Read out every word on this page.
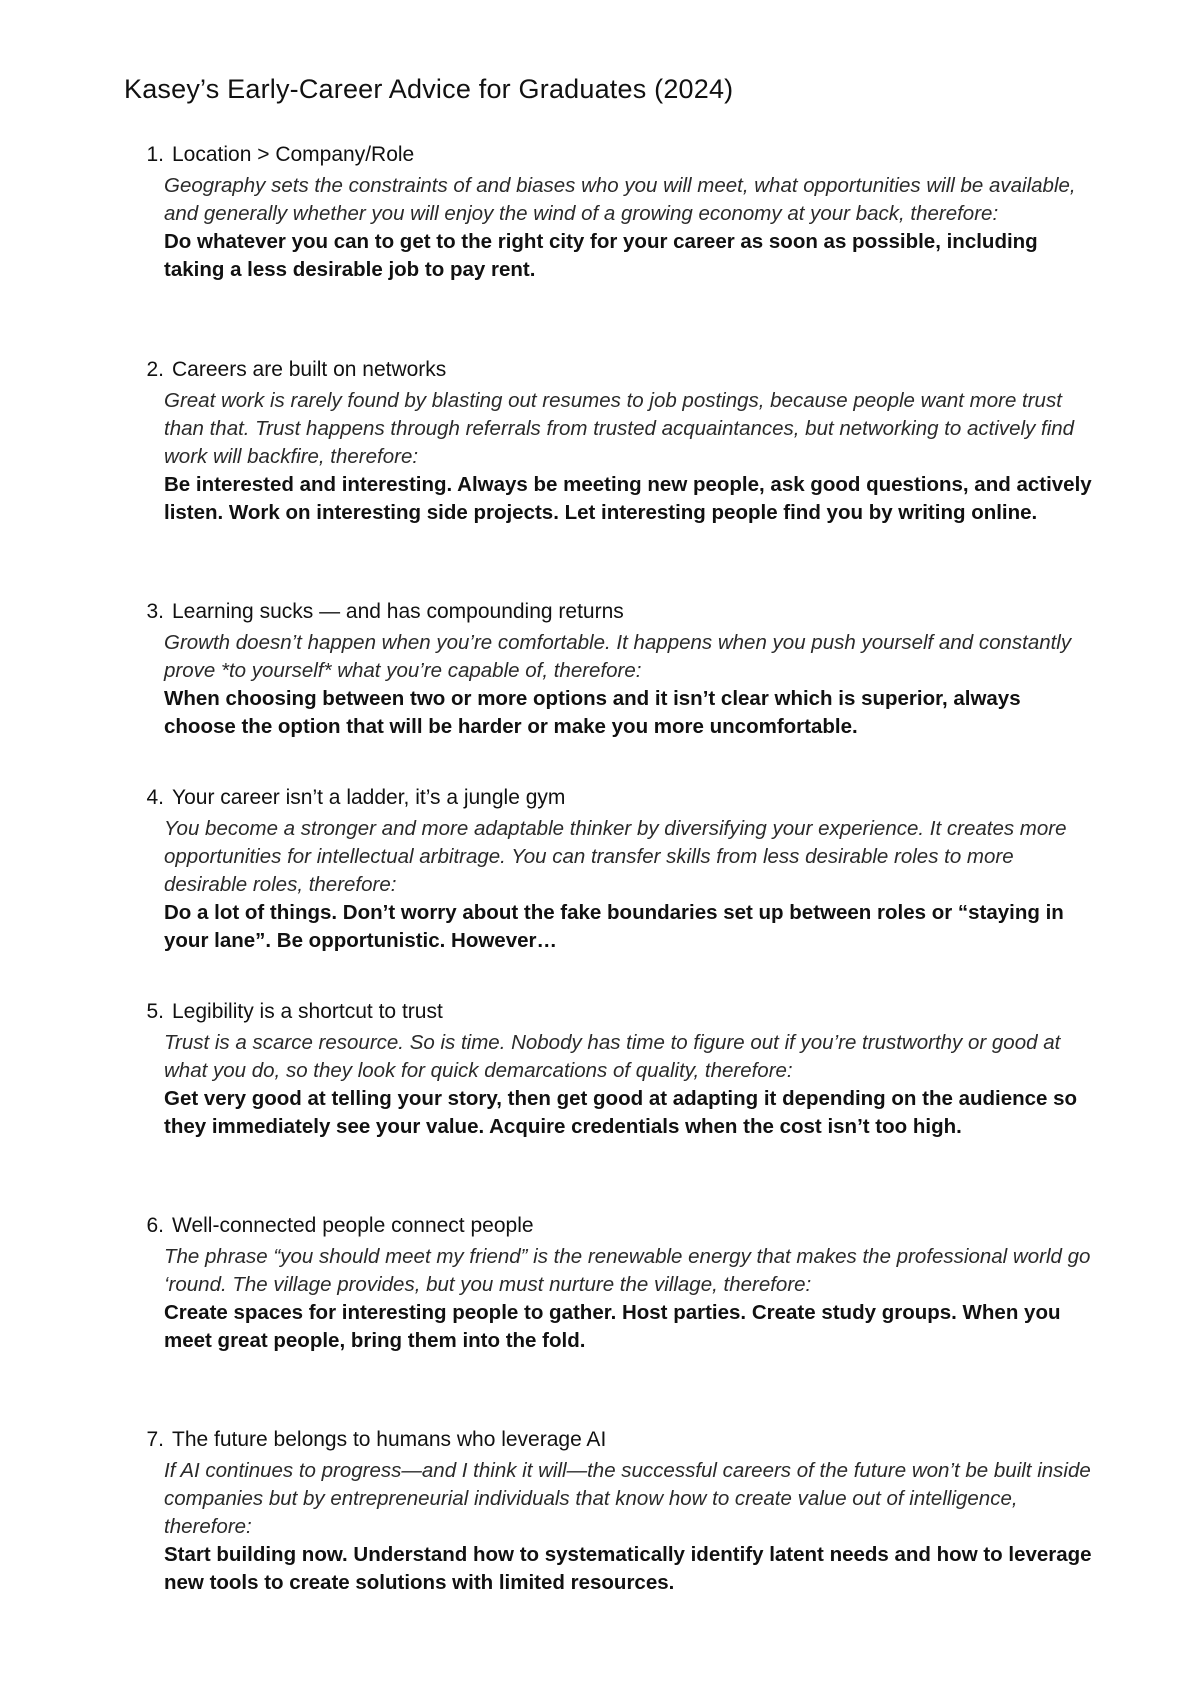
Kasey’s Early-Career Advice for Graduates (2024)
1. Location > Company/Role

Geography sets the constraints of and biases who you will meet, what opportunities will be available, and generally whether you will enjoy the wind of a growing economy at your back, therefore:

Do whatever you can to get to the right city for your career as soon as possible, including taking a less desirable job to pay rent.

2. Careers are built on networks

Great work is rarely found by blasting out resumes to job postings, because people want more trust than that. Trust happens through referrals from trusted acquaintances, but networking to actively find work will backfire, therefore:

Be interested and interesting. Always be meeting new people, ask good questions, and actively listen. Work on interesting side projects. Let interesting people find you by writing online.

3. Learning sucks — and has compounding returns

Growth doesn’t happen when you’re comfortable. It happens when you push yourself and constantly prove *to yourself* what you’re capable of, therefore:

When choosing between two or more options and it isn’t clear which is superior, always choose the option that will be harder or make you more uncomfortable.

4. Your career isn’t a ladder, it’s a jungle gym

You become a stronger and more adaptable thinker by diversifying your experience. It creates more opportunities for intellectual arbitrage. You can transfer skills from less desirable roles to more desirable roles, therefore:

Do a lot of things. Don’t worry about the fake boundaries set up between roles or “staying in your lane”. Be opportunistic. However…

5. Legibility is a shortcut to trust

Trust is a scarce resource. So is time. Nobody has time to figure out if you’re trustworthy or good at what you do, so they look for quick demarcations of quality, therefore:

Get very good at telling your story, then get good at adapting it depending on the audience so they immediately see your value. Acquire credentials when the cost isn’t too high.

6. Well-connected people connect people

The phrase “you should meet my friend” is the renewable energy that makes the professional world go ‘round. The village provides, but you must nurture the village, therefore:

Create spaces for interesting people to gather. Host parties. Create study groups. When you meet great people, bring them into the fold.

7. The future belongs to humans who leverage AI

If AI continues to progress—and I think it will—the successful careers of the future won’t be built inside companies but by entrepreneurial individuals that know how to create value out of intelligence, therefore:

Start building now. Understand how to systematically identify latent needs and how to leverage new tools to create solutions with limited resources.
